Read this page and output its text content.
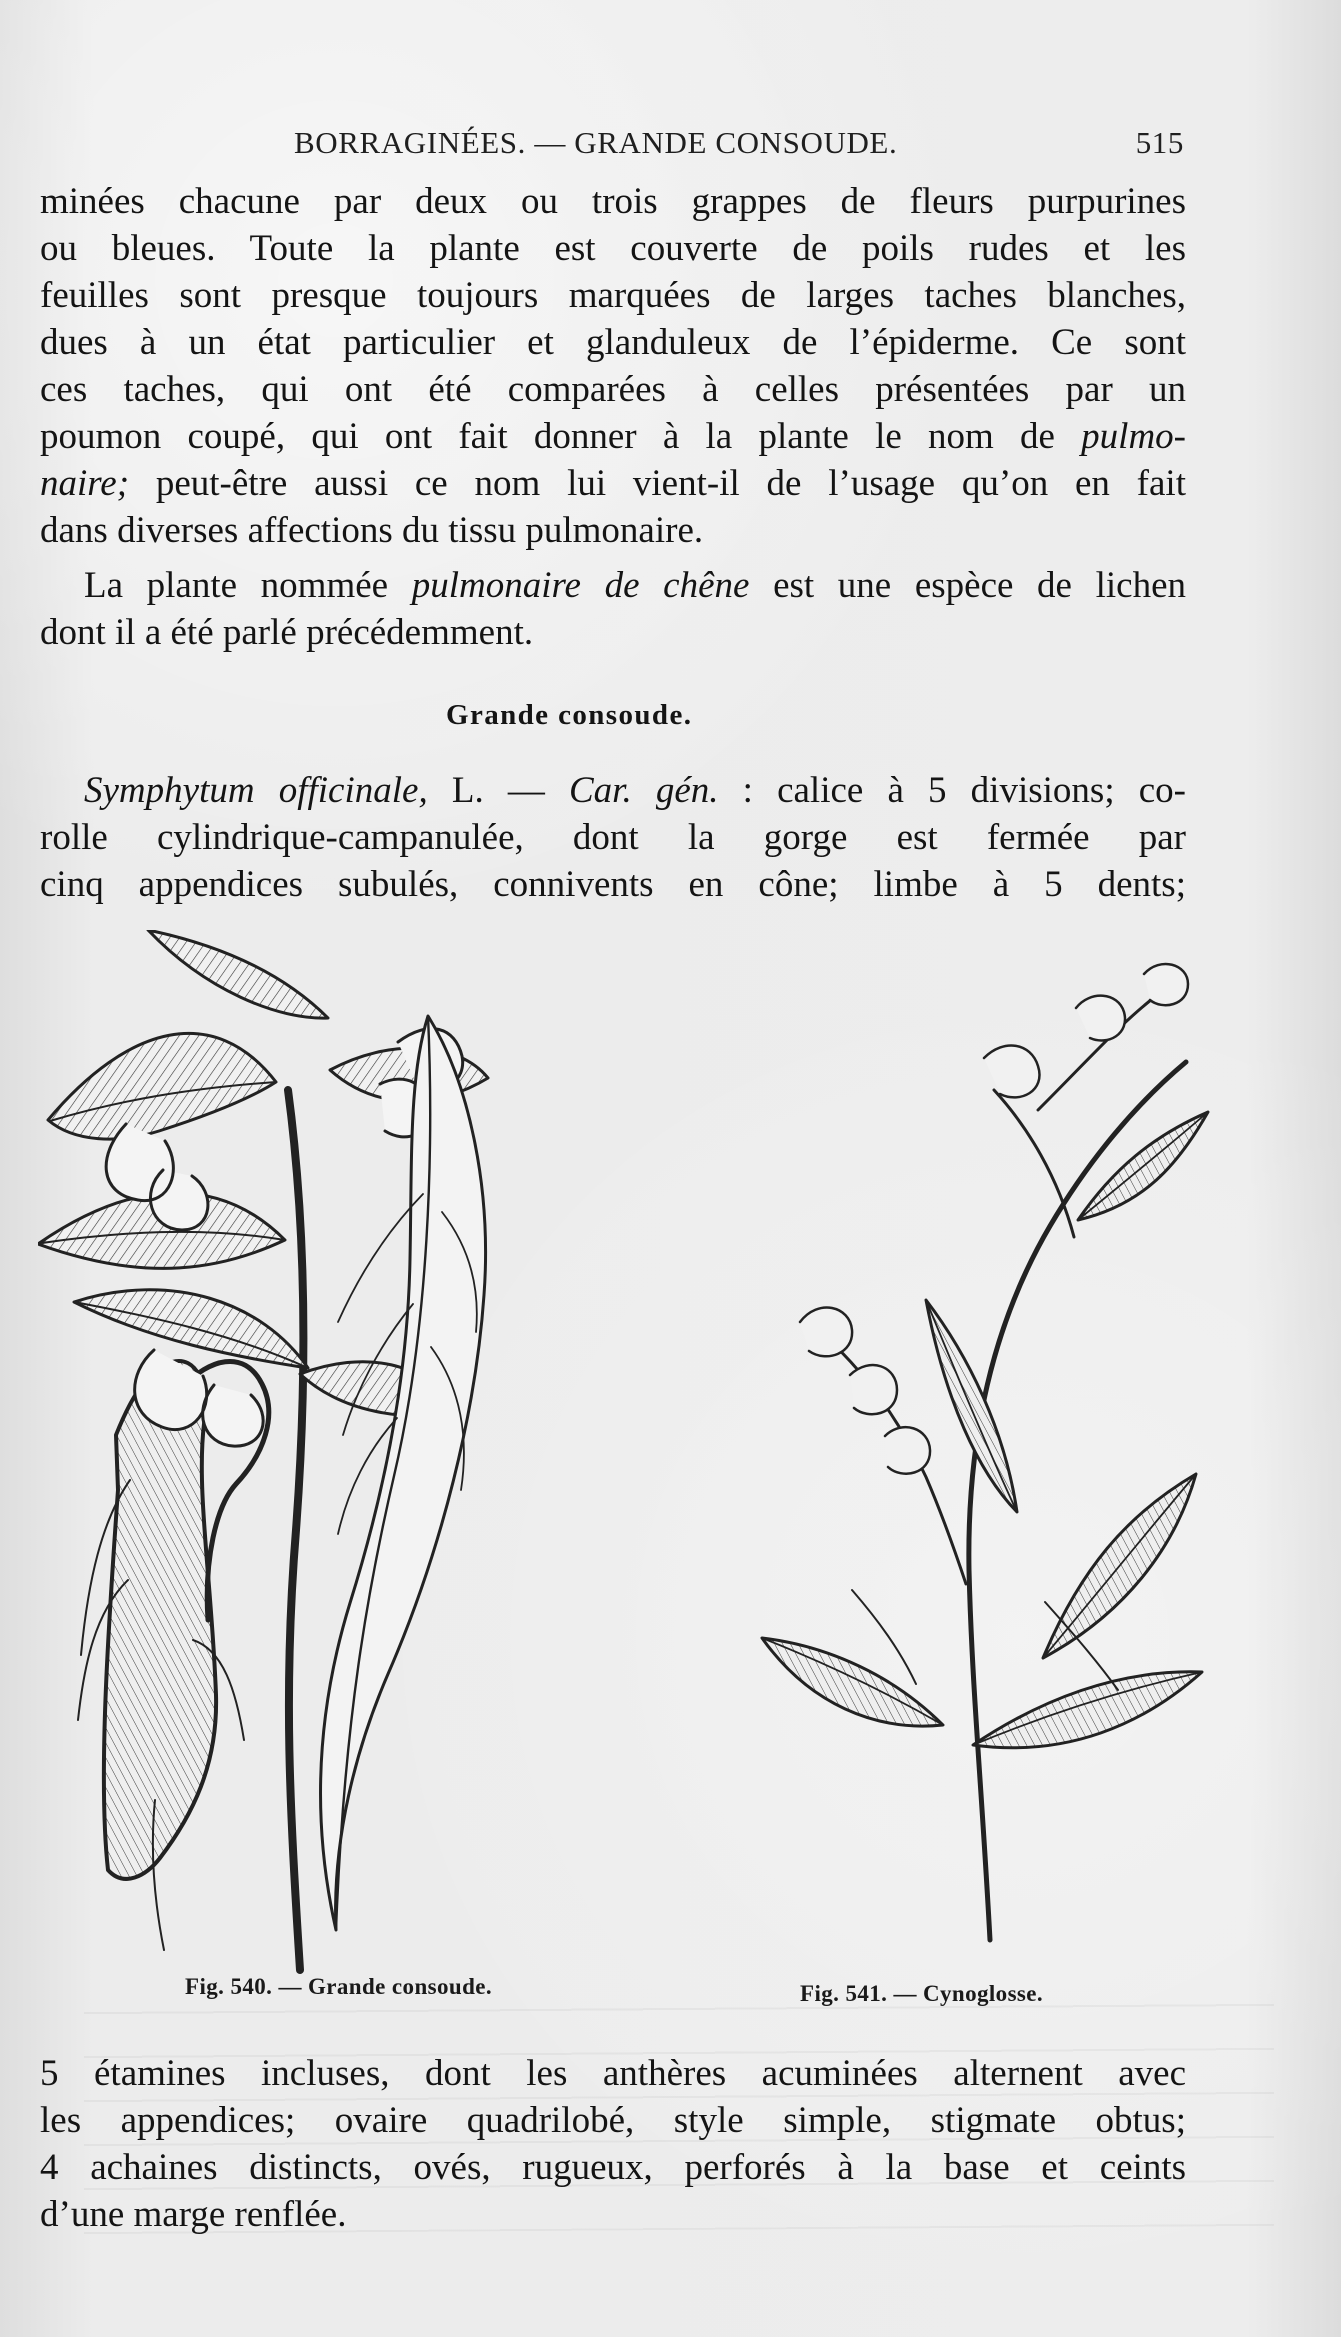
BORRAGINÉES. — GRANDE CONSOUDE.	515
minées chacune par deux ou trois grappes de fleurs purpurines
ou bleues. Toute la plante est couverte de poils rudes et les
feuilles sont presque toujours marquées de larges taches blanches,
dues à un état particulier et glanduleux de l’épiderme. Ce sont
ces taches, qui ont été comparées à celles présentées par un
poumon coupé, qui ont fait donner à la plante le nom de pulmo-
naire; peut-être aussi ce nom lui vient-il de l’usage qu’on en fait
dans diverses affections du tissu pulmonaire.
La plante nommée pulmonaire de chêne est une espèce de lichen
dont il a été parlé précédemment.
Grande consoude.
Symphytum officinale, L. — Car. gén. : calice à 5 divisions; co-
rolle cylindrique-campanulée, dont la gorge est fermée par
cinq appendices subulés, connivents en cône; limbe à 5 dents;
Fig. 540. — Grande consoude.	Fig. 541. — Cynoglosse.
5 étamines incluses, dont les anthères acuminées alternent avec
les appendices; ovaire quadrilobé, style simple, stigmate obtus;
4 achaines distincts, ovés, rugueux, perforés à la base et ceints
d’une marge renflée.
